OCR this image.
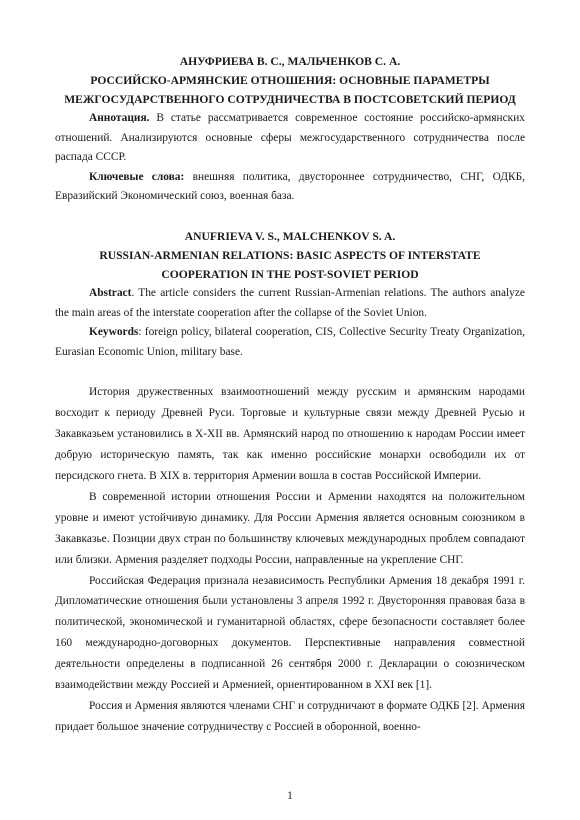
АНУФРИЕВА В. С., МАЛЬЧЕНКОВ С. А.
РОССИЙСКО-АРМЯНСКИЕ ОТНОШЕНИЯ: ОСНОВНЫЕ ПАРАМЕТРЫ
МЕЖГОСУДАРСТВЕННОГО СОТРУДНИЧЕСТВА В ПОСТСОВЕТСКИЙ ПЕРИОД

Аннотация. В статье рассматривается современное состояние российско-армянских отношений. Анализируются основные сферы межгосударственного сотрудничества после распада СССР.

Ключевые слова: внешняя политика, двустороннее сотрудничество, СНГ, ОДКБ, Евразийский Экономический союз, военная база.

ANUFRIEVA V. S., MALCHENKOV S. A.
RUSSIAN-ARMENIAN RELATIONS: BASIC ASPECTS OF INTERSTATE
COOPERATION IN THE POST-SOVIET PERIOD

Abstract. The article considers the current Russian-Armenian relations. The authors analyze the main areas of the interstate cooperation after the collapse of the Soviet Union.

Keywords: foreign policy, bilateral cooperation, CIS, Collective Security Treaty Organization, Eurasian Economic Union, military base.

История дружественных взаимоотношений между русским и армянским народами восходит к периоду Древней Руси. Торговые и культурные связи между Древней Русью и Закавказьем установились в X-XII вв. Армянский народ по отношению к народам России имеет добрую историческую память, так как именно российские монархи освободили их от персидского гнета. В XIX в. территория Армении вошла в состав Российской Империи.

В современной истории отношения России и Армении находятся на положительном уровне и имеют устойчивую динамику. Для России Армения является основным союзником в Закавказье. Позиции двух стран по большинству ключевых международных проблем совпадают или близки. Армения разделяет подходы России, направленные на укрепление СНГ.

Российская Федерация признала независимость Республики Армения 18 декабря 1991 г. Дипломатические отношения были установлены 3 апреля 1992 г. Двусторонняя правовая база в политической, экономической и гуманитарной областях, сфере безопасности составляет более 160 международно-договорных документов. Перспективные направления совместной деятельности определены в подписанной 26 сентября 2000 г. Декларации о союзническом взаимодействии между Россией и Арменией, ориентированном в XXI век [1].

Россия и Армения являются членами СНГ и сотрудничают в формате ОДКБ [2]. Армения придает большое значение сотрудничеству с Россией в оборонной, военно-

1
